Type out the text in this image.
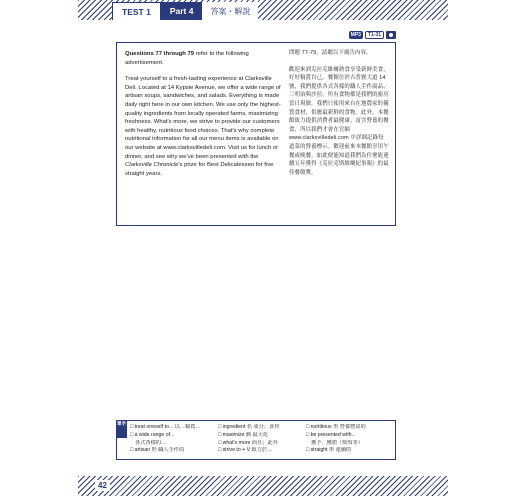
TEST 1	Part 4	答案・解說
MP3	T1-31

Questions 77 through 79 refer to the following advertisement.

Treat yourself to a fresh-tasting experience at Clarksville Deli. Located at 14 Kypsie Avenue, we offer a wide range of artisan soups, sandwiches, and salads. Everything is made daily right here in our own kitchen. We use only the highest-quality ingredients from locally operated farms, maximizing freshness. What's more, we strive to provide our customers with healthy, nutritious food choices. That's why complete nutritional information for all our menu items is available on our website at www.clarksvilledeli.com. Visit us for lunch or dinner, and see why we've been presented with the Clarksville Chronicle's prize for Best Delicatessen for five straight years.

問題 77-79，請聽以下廣告內容。

歡迎來到克拉克維爾熟食享受新鮮美食，好好犒賞自己。餐館位於吉普賽大道 14 號，我們提供各式各樣的職人手作湯品、三明治與沙拉。所有食物都是我們的廚房當日現做。我們只使用來自在地農家的優質食材，供應最新鮮的食物。此外，本餐館致力提供消費者最健康、富含營養的餐食，所以我們才會在官網 www.clarksvilledeli.com 中詳細記錄每道菜的營養標示。歡迎前來本餐館享用午餐或晚餐，如此便能知道我們為什麼能連續五年獲得《克拉克斯維爾紀事報》的最佳餐館獎。

單字
□ treat oneself to... 以…犒賞…	□ ingredient 名 成分；食材	□ nutritious 形 營養豐富的
□ a wide range of...	□ maximize 動 最大化	□ be presented with...
各式各樣的…	□ what's more 而且；此外	獲予，獲頒（獎項等）
□ artisan 形 職人手作的	□ strive to + V 致力於…	□ straight 形 連續的
42
